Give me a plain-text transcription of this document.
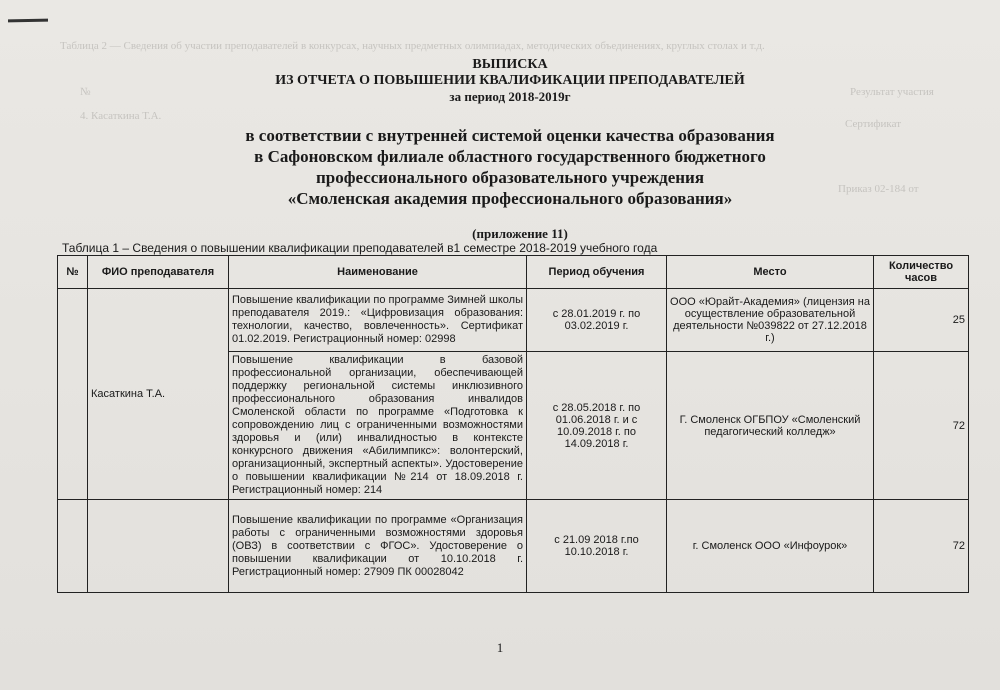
Таблица 2 — Сведения об участии преподавателей в конкурсах, научных предметных олимпиадах, методических объединениях, круглых столах и т.д.
№	Результат участия
4. Касаткина Т.А.
Сертификат
Приказ 02-184 от
ВЫПИСКА
ИЗ ОТЧЕТА О ПОВЫШЕНИИ КВАЛИФИКАЦИИ ПРЕПОДАВАТЕЛЕЙ
за период 2018-2019г
в соответствии с внутренней системой оценки качества образования
в Сафоновском филиале областного государственного бюджетного
профессионального образовательного учреждения
«Смоленская академия профессионального образования»
(приложение 11)
Таблица 1 – Сведения о повышении квалификации преподавателей в1 семестре 2018-2019 учебного года
№	ФИО преподавателя	Наименование	Период обучения	Место	Количество часов
	Касаткина Т.А.	Повышение квалификации по программе Зимней школы преподавателя 2019.: «Цифровизация образования: технологии, качество, вовлеченность». Сертификат 01.02.2019. Регистрационный номер: 02998	с 28.01.2019 г. по 03.02.2019 г.	ООО «Юрайт-Академия» (лицензия на осуществление образовательной деятельности №039822 от 27.12.2018 г.)	25
		Повышение квалификации в базовой профессиональной организации, обеспечивающей поддержку региональной системы инклюзивного профессионального образования инвалидов Смоленской области по программе «Подготовка к сопровождению лиц с ограниченными возможностями здоровья и (или) инвалидностью в контексте конкурсного движения «Абилимпикс»: волонтерский, организационный, экспертный аспекты». Удостоверение о повышении квалификации №214 от 18.09.2018 г. Регистрационный номер: 214	с 28.05.2018 г. по 01.06.2018 г. и с 10.09.2018 г. по 14.09.2018 г.	Г. Смоленск ОГБПОУ «Смоленский педагогический колледж»	72
		Повышение квалификации по программе «Организация работы с ограниченными возможностями здоровья (ОВЗ) в соответствии с ФГОС». Удостоверение о повышении квалификации от 10.10.2018 г. Регистрационный номер: 27909 ПК 00028042	с 21.09 2018 г.по 10.10.2018 г.	г. Смоленск ООО «Инфоурок»	72
1
